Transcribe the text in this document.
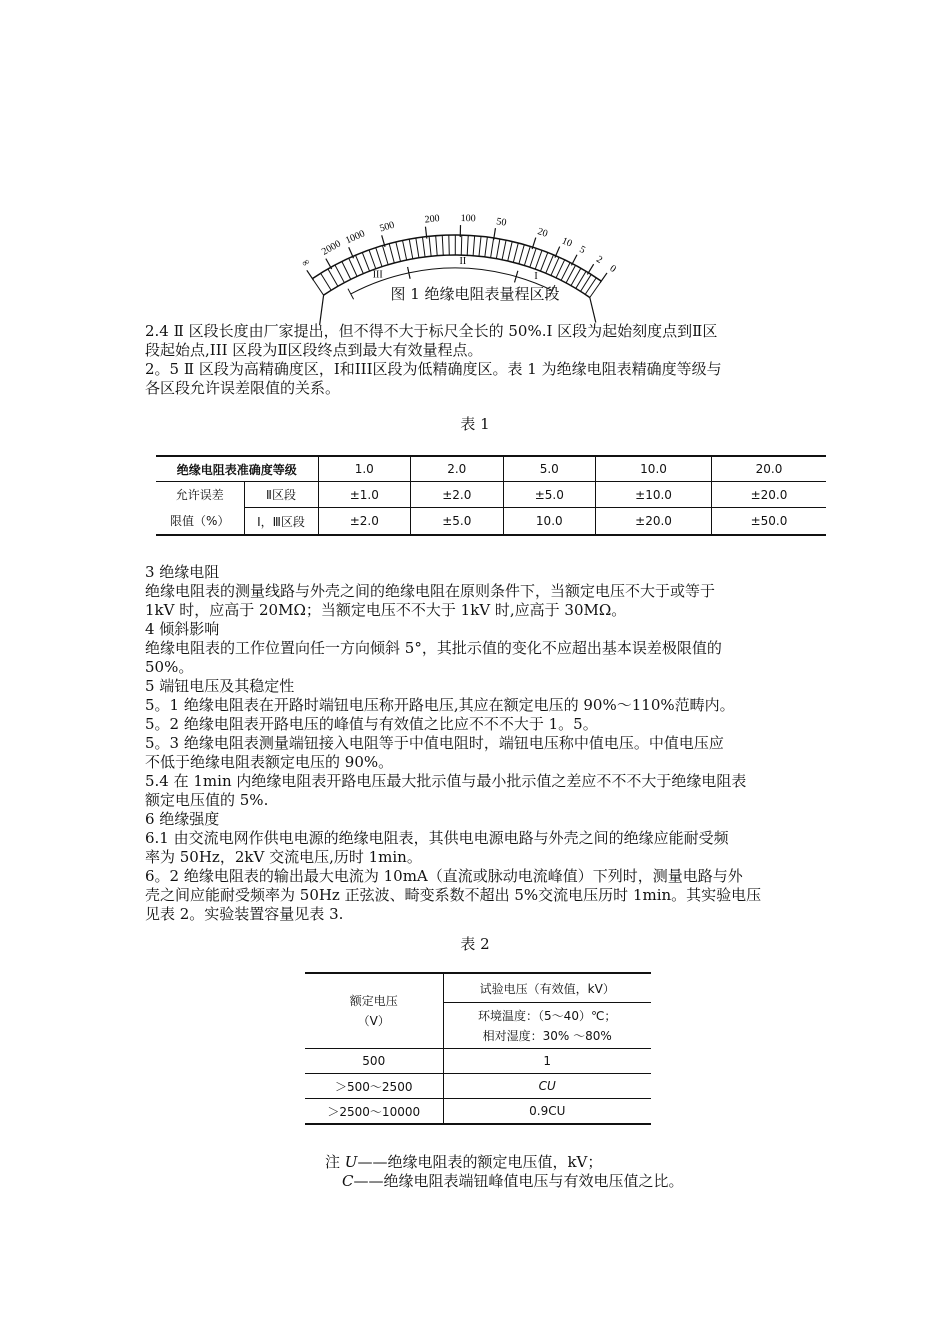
∞
2000
1000
500
200 100 50
20
10
5
2
0
III
II
I
图 1 绝缘电阻表量程区段

2.4 Ⅱ 区段长度由厂家提出，但不得不大于标尺全长的 50%.Ⅰ 区段为起始刻度点到Ⅱ区

段起始点,III 区段为Ⅱ区段终点到最大有效量程点。

2。5 Ⅱ 区段为高精确度区，Ⅰ和III区段为低精确度区。表 1 为绝缘电阻表精确度等级与

各区段允许误差限值的关系。

表 1
绝缘电阻表准确度等级		1.0	2.0	5.0	10.0	20.0

允许误差
限值（%）	Ⅱ区段	±1.0	±2.0	±5.0	±10.0	±20.0
	Ⅰ，Ⅲ区段	±2.0	±5.0	10.0	±20.0	±50.0

3 绝缘电阻

绝缘电阻表的测量线路与外壳之间的绝缘电阻在原则条件下，当额定电压不大于或等于

1kV 时，应高于 20MΩ；当额定电压不不大于 1kV 时,应高于 30MΩ。

4 倾斜影响

绝缘电阻表的工作位置向任一方向倾斜 5°，其批示值的变化不应超出基本误差极限值的

50%。

5 端钮电压及其稳定性

5。1 绝缘电阻表在开路时端钮电压称开路电压,其应在额定电压的 90%～110%范畴内。

5。2 绝缘电阻表开路电压的峰值与有效值之比应不不不大于 1。5。

5。3 绝缘电阻表测量端钮接入电阻等于中值电阻时，端钮电压称中值电压。中值电压应

不低于绝缘电阻表额定电压的 90%。

5.4 在 1min 内绝缘电阻表开路电压最大批示值与最小批示值之差应不不不大于绝缘电阻表

额定电压值的 5%.

6 绝缘强度

6.1 由交流电网作供电电源的绝缘电阻表，其供电电源电路与外壳之间的绝缘应能耐受频

率为 50Hz，2kV 交流电压,历时 1min。

6。2 绝缘电阻表的输出最大电流为 10mA（直流或脉动电流峰值）下列时，测量电路与外

壳之间应能耐受频率为 50Hz 正弦波、畸变系数不超出 5%交流电压历时 1min。其实验电压

见表 2。实验装置容量见表 3.

表 2
额定电压
（V）	试验电压（有效值，kV）

	环境温度：（5～40）℃；
相对湿度：30% ～80%

500	1
＞500～2500	CU
＞2500～10000	0.9CU

注 U——绝缘电阻表的额定电压值，kV；

C——绝缘电阻表端钮峰值电压与有效电压值之比。
